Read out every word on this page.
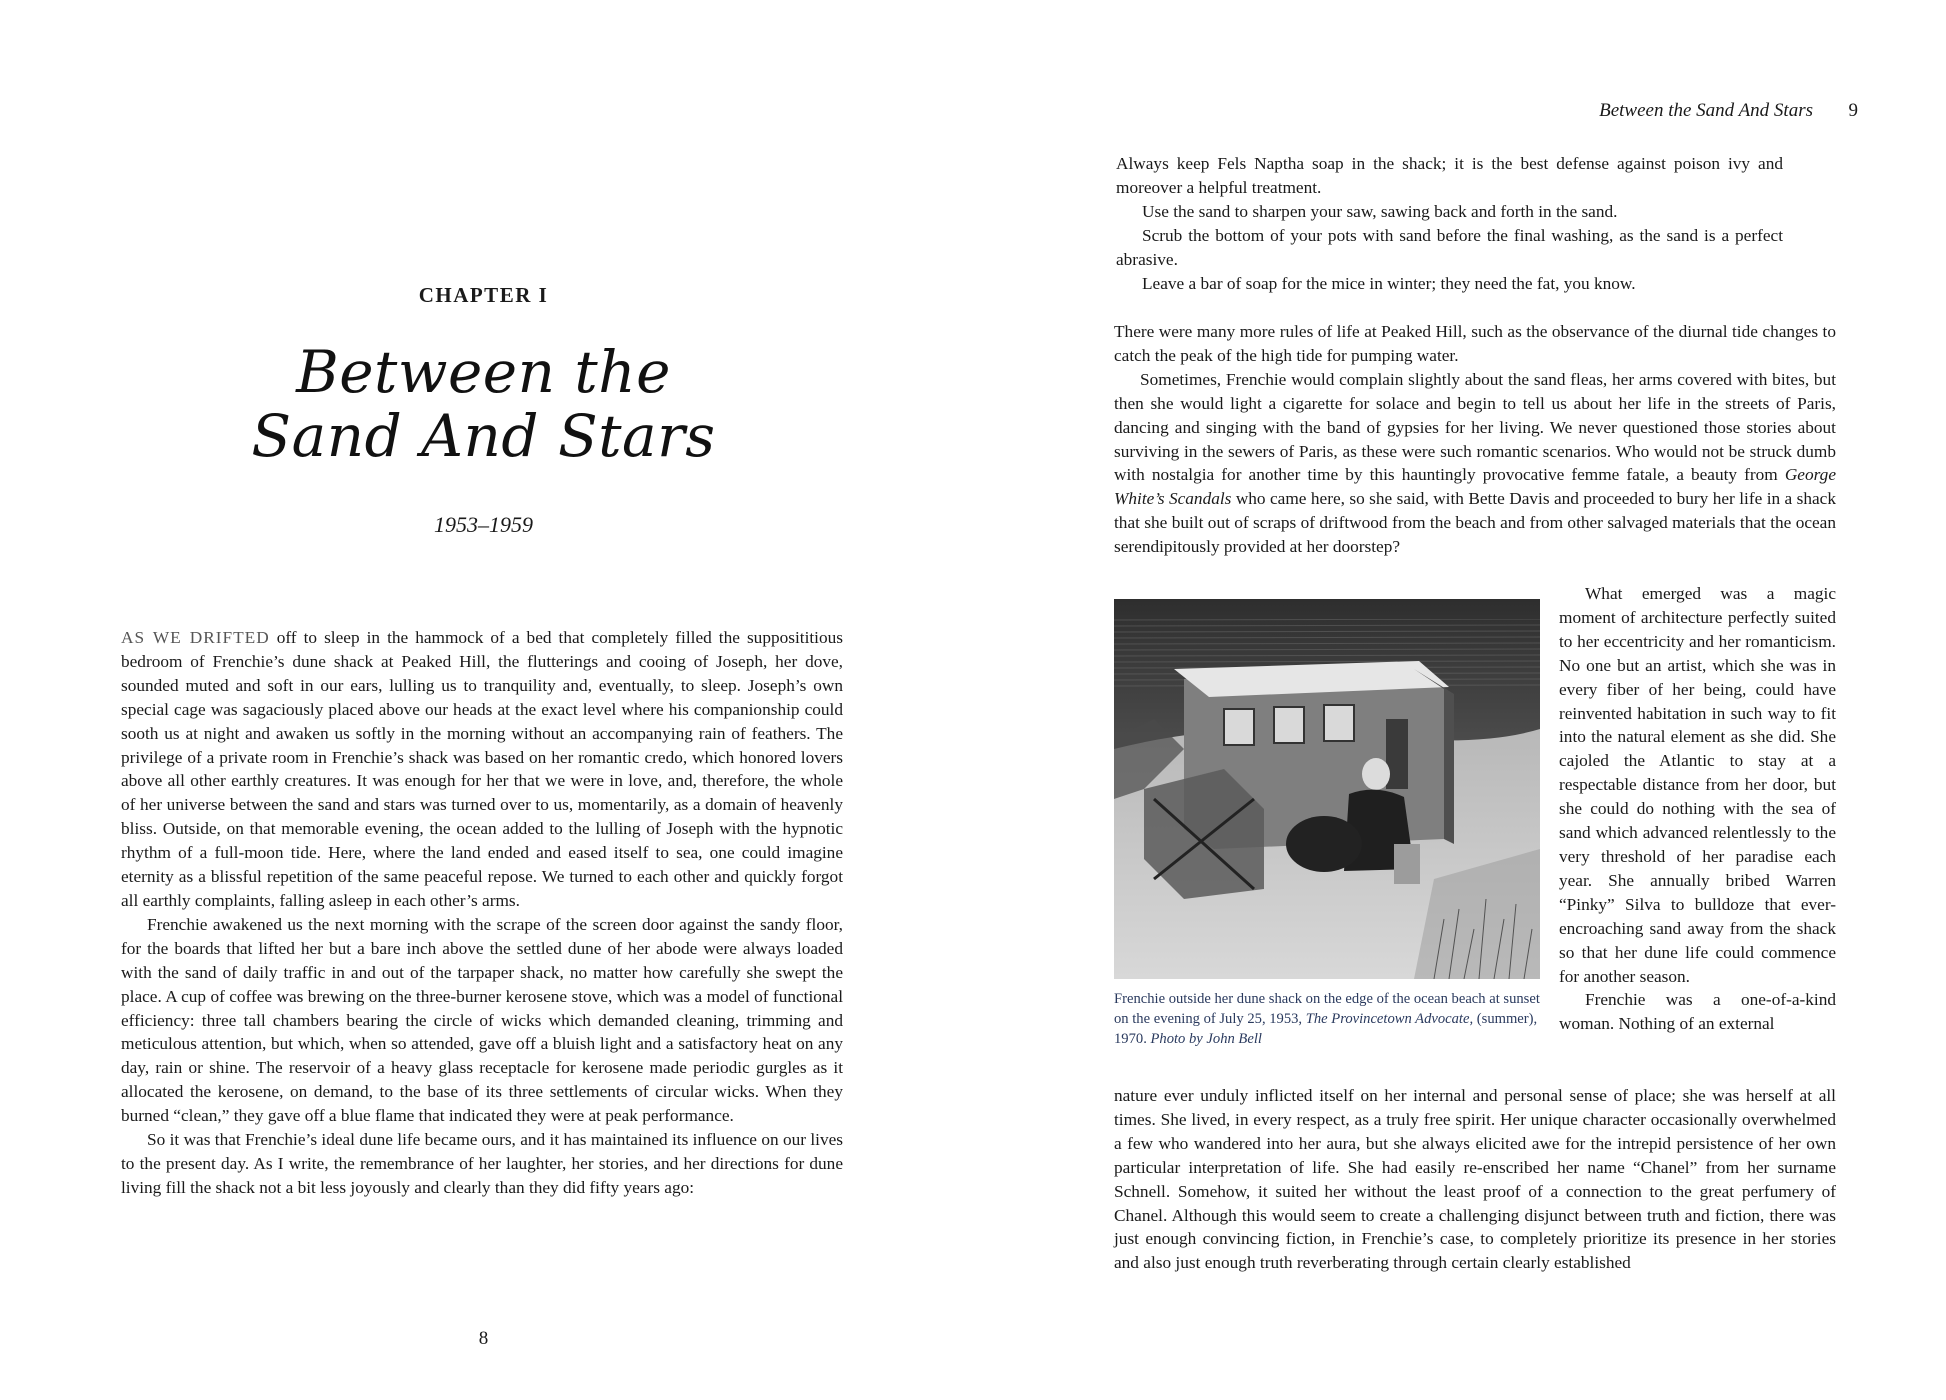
CHAPTER I
Between the
Sand And Stars
1953–1959

AS WE DRIFTED off to sleep in the hammock of a bed that completely filled the supposititious bedroom of Frenchie’s dune shack at Peaked Hill, the flutterings and cooing of Joseph, her dove, sounded muted and soft in our ears, lulling us to tranquility and, eventually, to sleep. Joseph’s own special cage was sagaciously placed above our heads at the exact level where his companionship could sooth us at night and awaken us softly in the morning without an accompanying rain of feathers. The privilege of a private room in Frenchie’s shack was based on her romantic credo, which honored lovers above all other earthly creatures. It was enough for her that we were in love, and, therefore, the whole of her universe between the sand and stars was turned over to us, momentarily, as a domain of heavenly bliss. Outside, on that memorable evening, the ocean added to the lulling of Joseph with the hypnotic rhythm of a full-moon tide. Here, where the land ended and eased itself to sea, one could imagine eternity as a blissful repetition of the same peaceful repose. We turned to each other and quickly forgot all earthly complaints, falling asleep in each other’s arms.

Frenchie awakened us the next morning with the scrape of the screen door against the sandy floor, for the boards that lifted her but a bare inch above the settled dune of her abode were always loaded with the sand of daily traffic in and out of the tarpaper shack, no matter how carefully she swept the place. A cup of coffee was brewing on the three-burner kerosene stove, which was a model of functional efficiency: three tall chambers bearing the circle of wicks which demanded cleaning, trimming and meticulous attention, but which, when so attended, gave off a bluish light and a satisfactory heat on any day, rain or shine. The reservoir of a heavy glass receptacle for kerosene made periodic gurgles as it allocated the kerosene, on demand, to the base of its three settlements of circular wicks. When they burned “clean,” they gave off a blue flame that indicated they were at peak performance.

So it was that Frenchie’s ideal dune life became ours, and it has maintained its influence on our lives to the present day. As I write, the remembrance of her laughter, her stories, and her directions for dune living fill the shack not a bit less joyously and clearly than they did fifty years ago:

8
Between the Sand And Stars	9

Always keep Fels Naptha soap in the shack; it is the best defense against poison ivy and moreover a helpful treatment.

Use the sand to sharpen your saw, sawing back and forth in the sand.

Scrub the bottom of your pots with sand before the final washing, as the sand is a perfect abrasive.

Leave a bar of soap for the mice in winter; they need the fat, you know.

There were many more rules of life at Peaked Hill, such as the observance of the diurnal tide changes to catch the peak of the high tide for pumping water.

Sometimes, Frenchie would complain slightly about the sand fleas, her arms covered with bites, but then she would light a cigarette for solace and begin to tell us about her life in the streets of Paris, dancing and singing with the band of gypsies for her living. We never questioned those stories about surviving in the sewers of Paris, as these were such romantic scenarios. Who would not be struck dumb with nostalgia for another time by this hauntingly provocative femme fatale, a beauty from George White’s Scandals who came here, so she said, with Bette Davis and proceeded to bury her life in a shack that she built out of scraps of driftwood from the beach and from other salvaged materials that the ocean serendipitously provided at her doorstep?

Frenchie outside her dune shack on the edge of the ocean beach at sunset on the evening of July 25, 1953, The Provincetown Advocate, (summer), 1970. Photo by John Bell

What emerged was a magic moment of architecture perfectly suited to her eccentricity and her romanticism. No one but an artist, which she was in every fiber of her being, could have reinvented habitation in such way to fit into the natural element as she did. She cajoled the Atlantic to stay at a respectable distance from her door, but she could do nothing with the sea of sand which advanced relentlessly to the very threshold of her paradise each year. She annually bribed Warren “Pinky” Silva to bulldoze that ever-encroaching sand away from the shack so that her dune life could commence for another season.

Frenchie was a one-of-a-kind woman. Nothing of an external

nature ever unduly inflicted itself on her internal and personal sense of place; she was herself at all times. She lived, in every respect, as a truly free spirit. Her unique character occasionally overwhelmed a few who wandered into her aura, but she always elicited awe for the intrepid persistence of her own particular interpretation of life. She had easily re-enscribed her name “Chanel” from her surname Schnell. Somehow, it suited her without the least proof of a connection to the great perfumery of Chanel. Although this would seem to create a challenging disjunct between truth and fiction, there was just enough convincing fiction, in Frenchie’s case, to completely prioritize its presence in her stories and also just enough truth reverberating through certain clearly established
